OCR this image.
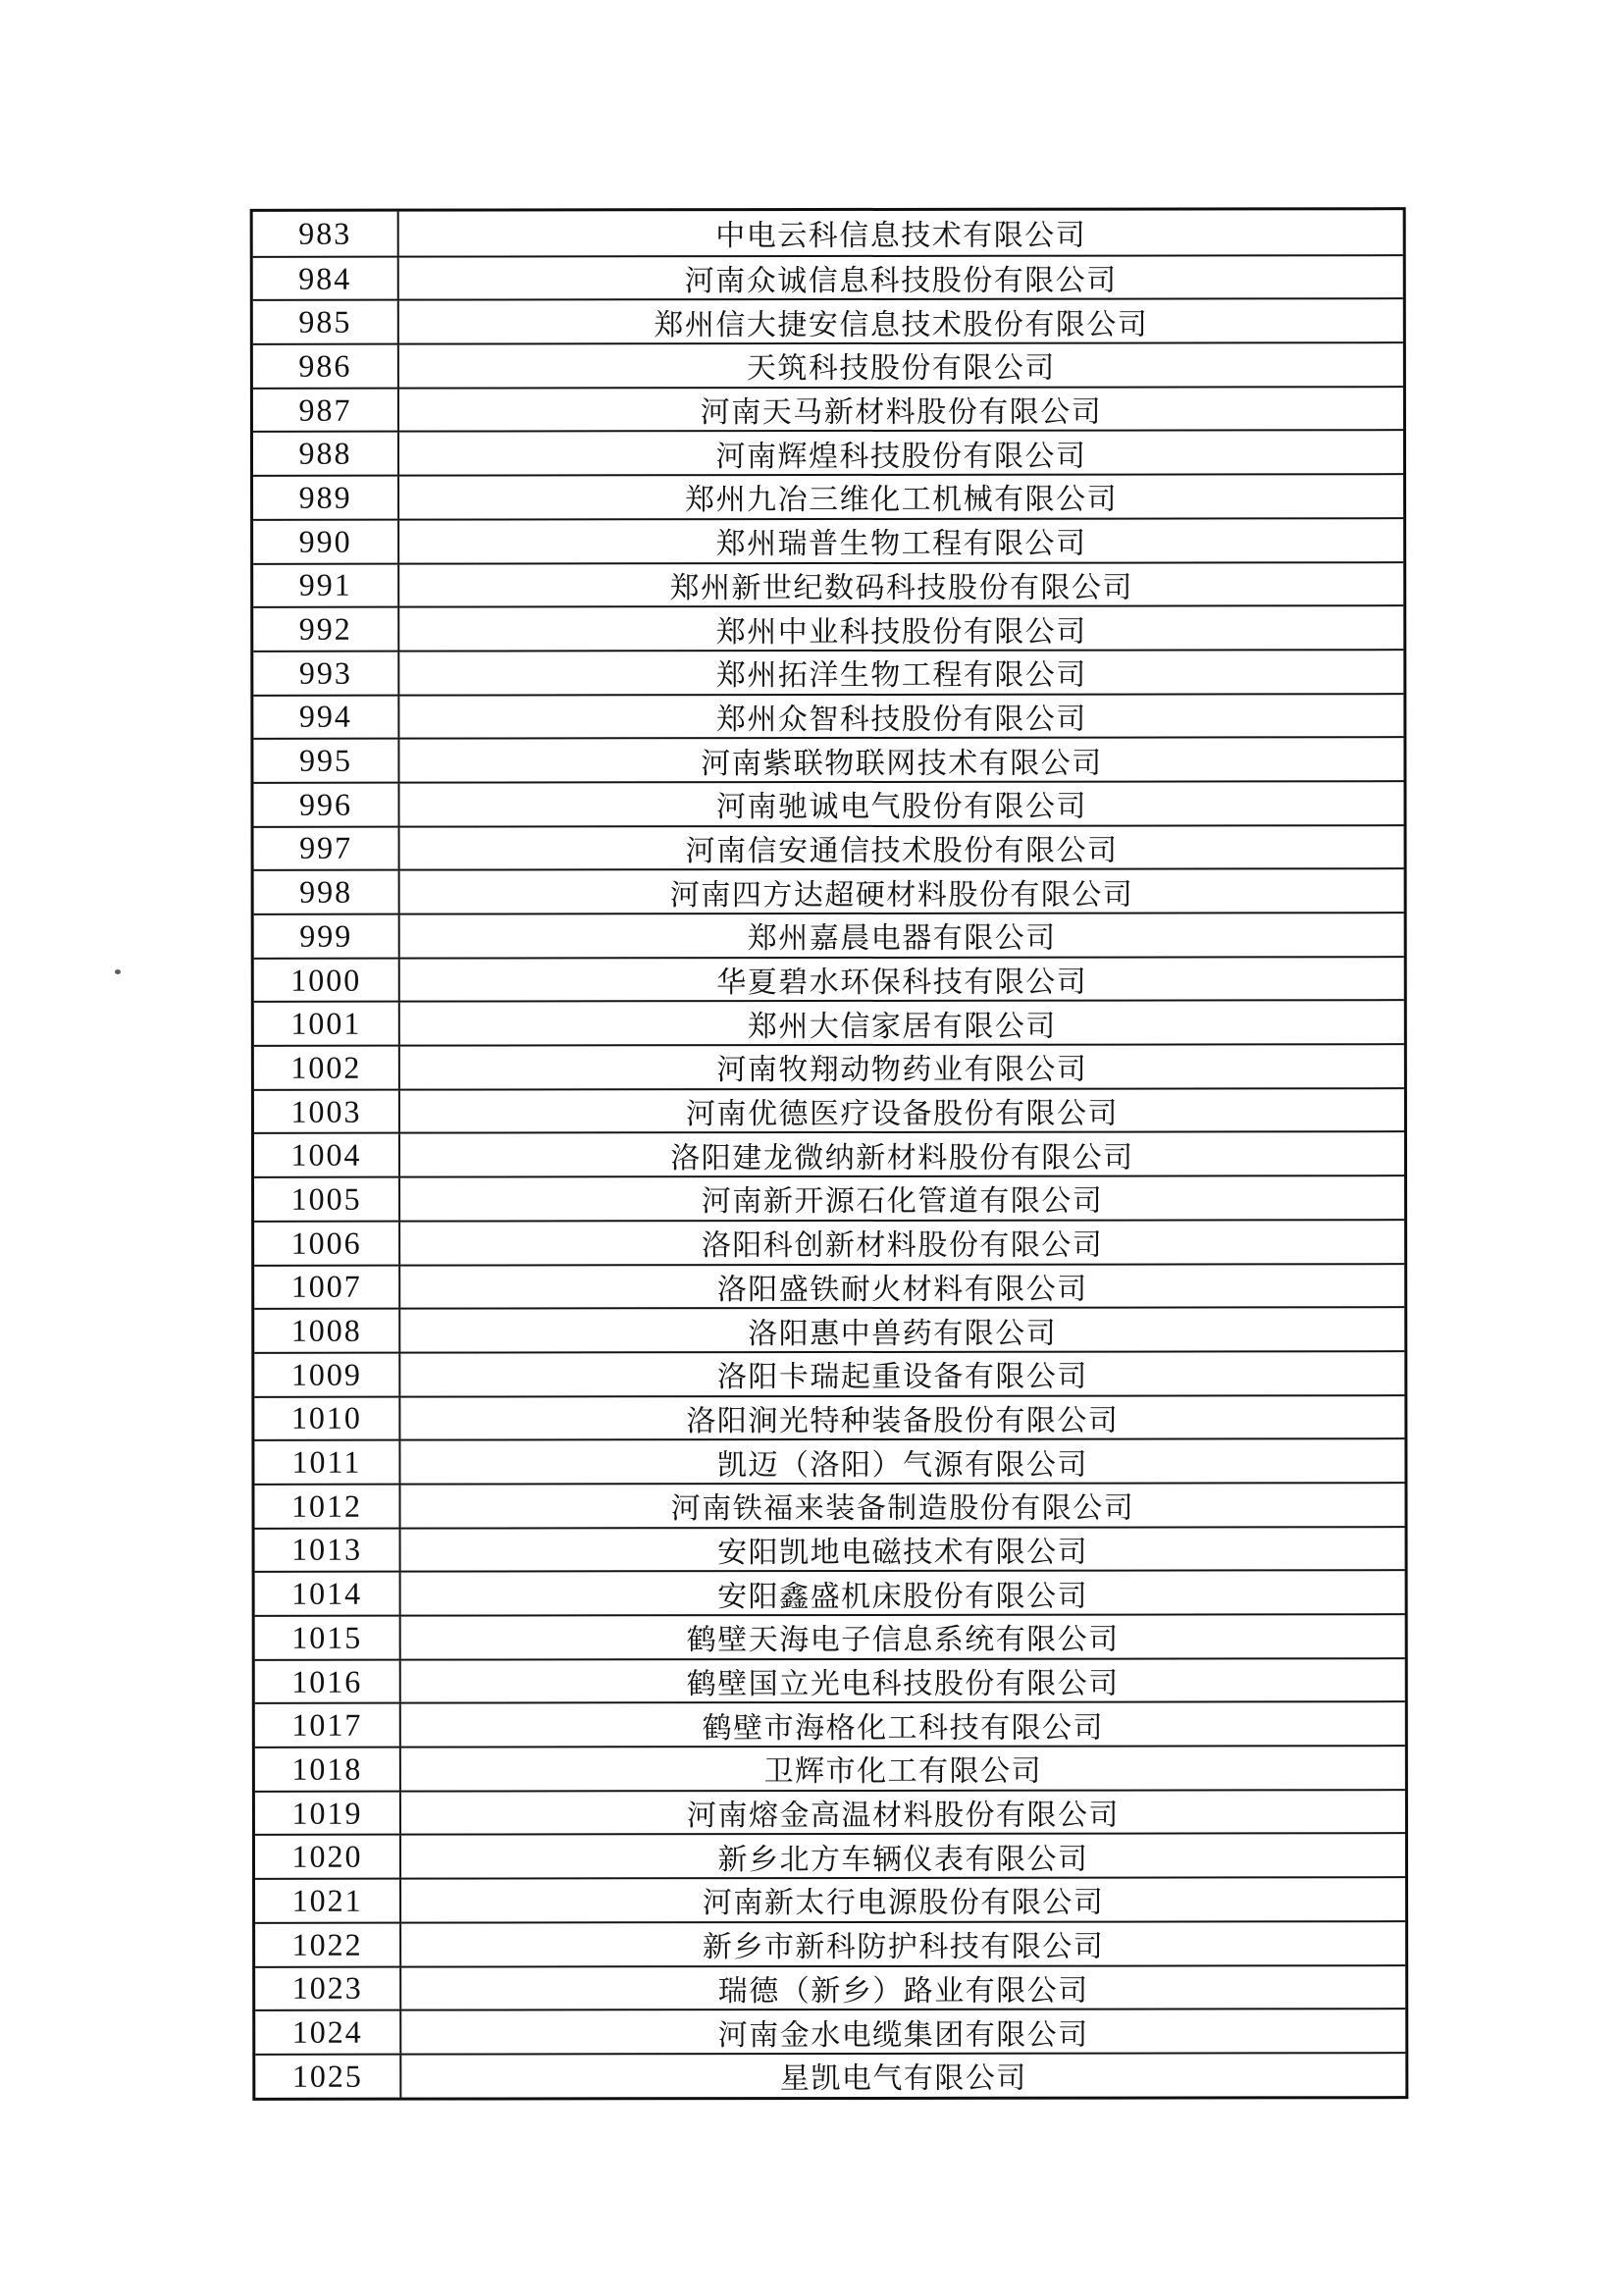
983	中电云科信息技术有限公司
984	河南众诚信息科技股份有限公司
985	郑州信大捷安信息技术股份有限公司
986	天筑科技股份有限公司
987	河南天马新材料股份有限公司
988	河南辉煌科技股份有限公司
989	郑州九冶三维化工机械有限公司
990	郑州瑞普生物工程有限公司
991	郑州新世纪数码科技股份有限公司
992	郑州中业科技股份有限公司
993	郑州拓洋生物工程有限公司
994	郑州众智科技股份有限公司
995	河南紫联物联网技术有限公司
996	河南驰诚电气股份有限公司
997	河南信安通信技术股份有限公司
998	河南四方达超硬材料股份有限公司
999	郑州嘉晨电器有限公司
1000	华夏碧水环保科技有限公司
1001	郑州大信家居有限公司
1002	河南牧翔动物药业有限公司
1003	河南优德医疗设备股份有限公司
1004	洛阳建龙微纳新材料股份有限公司
1005	河南新开源石化管道有限公司
1006	洛阳科创新材料股份有限公司
1007	洛阳盛铁耐火材料有限公司
1008	洛阳惠中兽药有限公司
1009	洛阳卡瑞起重设备有限公司
1010	洛阳涧光特种装备股份有限公司
1011	凯迈（洛阳）气源有限公司
1012	河南铁福来装备制造股份有限公司
1013	安阳凯地电磁技术有限公司
1014	安阳鑫盛机床股份有限公司
1015	鹤壁天海电子信息系统有限公司
1016	鹤壁国立光电科技股份有限公司
1017	鹤壁市海格化工科技有限公司
1018	卫辉市化工有限公司
1019	河南熔金高温材料股份有限公司
1020	新乡北方车辆仪表有限公司
1021	河南新太行电源股份有限公司
1022	新乡市新科防护科技有限公司
1023	瑞德（新乡）路业有限公司
1024	河南金水电缆集团有限公司
1025	星凯电气有限公司
